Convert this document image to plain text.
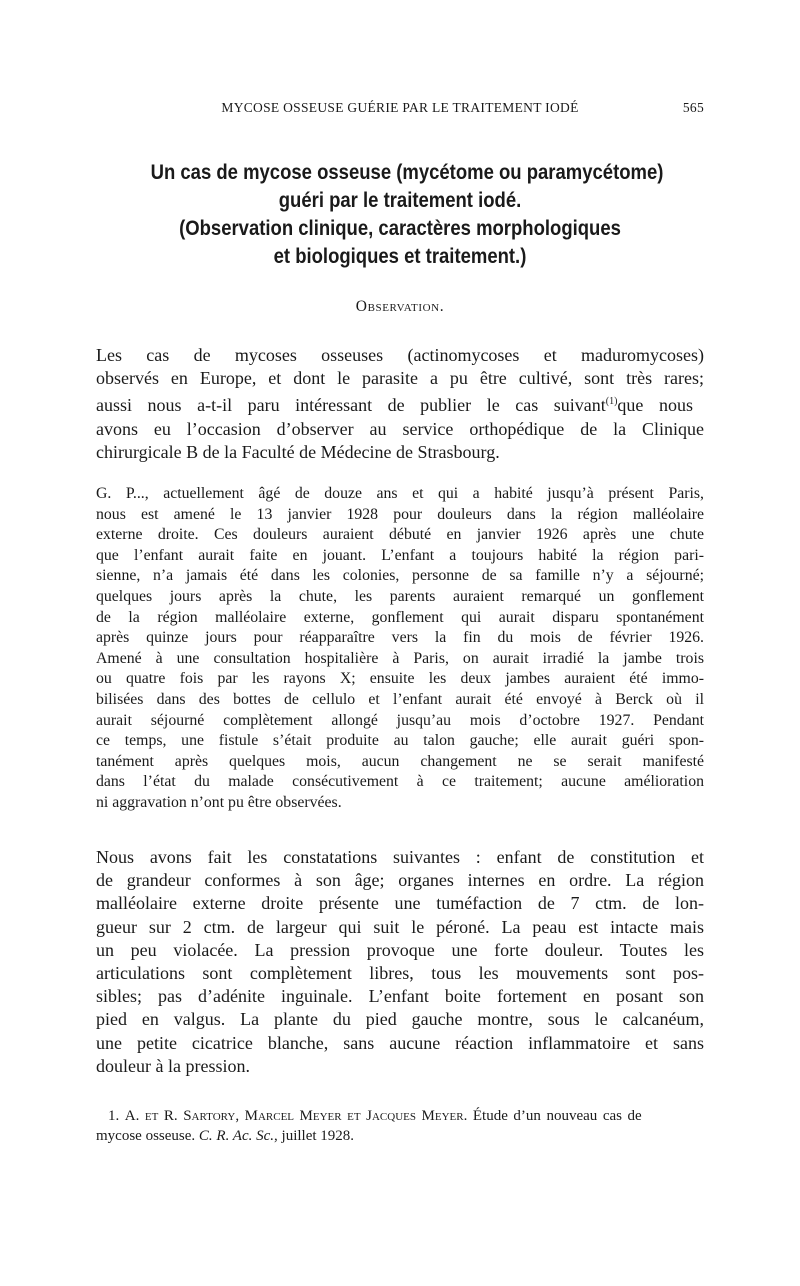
MYCOSE OSSEUSE GUÉRIE PAR LE TRAITEMENT IODÉ	565
Un cas de mycose osseuse (mycétome ou paramycétome)
guéri par le traitement iodé.
(Observation clinique, caractères morphologiques
et biologiques et traitement.)
Observation.
Les cas de mycoses osseuses (actinomycoses et maduromycoses)
observés en Europe, et dont le parasite a pu être cultivé, sont très rares;
aussi nous a-t-il paru intéressant de publier le cas suivant$^{(1)}$que nous
avons eu l’occasion d’observer au service orthopédique de la Clinique
chirurgicale B de la Faculté de Médecine de Strasbourg.
G. P..., actuellement âgé de douze ans et qui a habité jusqu’à présent Paris,
nous est amené le 13 janvier 1928 pour douleurs dans la région malléolaire
externe droite. Ces douleurs auraient débuté en janvier 1926 après une chute
que l’enfant aurait faite en jouant. L’enfant a toujours habité la région pari-
sienne, n’a jamais été dans les colonies, personne de sa famille n’y a séjourné;
quelques jours après la chute, les parents auraient remarqué un gonflement
de la région malléolaire externe, gonflement qui aurait disparu spontanément
après quinze jours pour réapparaître vers la fin du mois de février 1926.
Amené à une consultation hospitalière à Paris, on aurait irradié la jambe trois
ou quatre fois par les rayons X; ensuite les deux jambes auraient été immo-
bilisées dans des bottes de cellulo et l’enfant aurait été envoyé à Berck où il
aurait séjourné complètement allongé jusqu’au mois d’octobre 1927. Pendant
ce temps, une fistule s’était produite au talon gauche; elle aurait guéri spon-
tanément après quelques mois, aucun changement ne se serait manifesté
dans l’état du malade consécutivement à ce traitement; aucune amélioration
ni aggravation n’ont pu être observées.
Nous avons fait les constatations suivantes : enfant de constitution et
de grandeur conformes à son âge; organes internes en ordre. La région
malléolaire externe droite présente une tuméfaction de 7 ctm. de lon-
gueur sur 2 ctm. de largeur qui suit le péroné. La peau est intacte mais
un peu violacée. La pression provoque une forte douleur. Toutes les
articulations sont complètement libres, tous les mouvements sont pos-
sibles; pas d’adénite inguinale. L’enfant boite fortement en posant son
pied en valgus. La plante du pied gauche montre, sous le calcanéum,
une petite cicatrice blanche, sans aucune réaction inflammatoire et sans
douleur à la pression.
1. A. et R. Sartory, Marcel Meyer et Jacques Meyer. Étude d’un nouveau cas de
mycose osseuse. C. R. Ac. Sc., juillet 1928.
